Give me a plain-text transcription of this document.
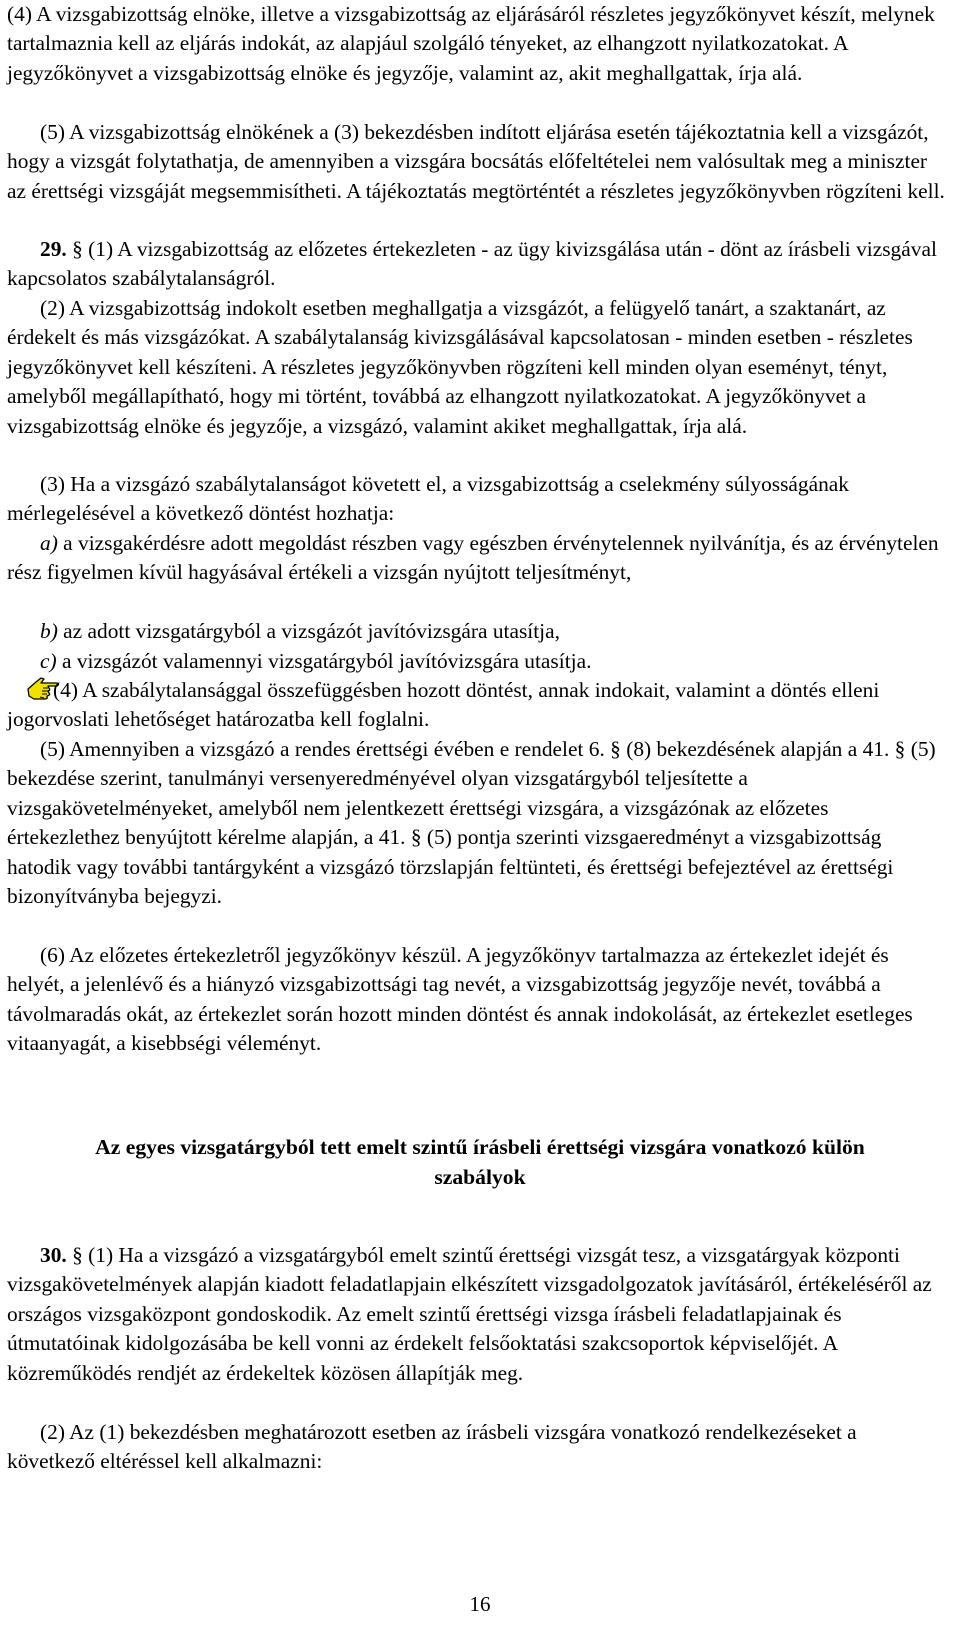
(4) A vizsgabizottság elnöke, illetve a vizsgabizottság az eljárásáról részletes jegyzőkönyvet készít, melynek tartalmaznia kell az eljárás indokát, az alapjául szolgáló tényeket, az elhangzott nyilatkozatokat. A jegyzőkönyvet a vizsgabizottság elnöke és jegyzője, valamint az, akit meghallgattak, írja alá.

(5) A vizsgabizottság elnökének a (3) bekezdésben indított eljárása esetén tájékoztatnia kell a vizsgázót, hogy a vizsgát folytathatja, de amennyiben a vizsgára bocsátás előfeltételei nem valósultak meg a miniszter az érettségi vizsgáját megsemmisítheti. A tájékoztatás megtörténtét a részletes jegyzőkönyvben rögzíteni kell.

29. § (1) A vizsgabizottság az előzetes értekezleten - az ügy kivizsgálása után - dönt az írásbeli vizsgával kapcsolatos szabálytalanságról.

(2) A vizsgabizottság indokolt esetben meghallgatja a vizsgázót, a felügyelő tanárt, a szaktanárt, az érdekelt és más vizsgázókat. A szabálytalanság kivizsgálásával kapcsolatosan - minden esetben - részletes jegyzőkönyvet kell készíteni. A részletes jegyzőkönyvben rögzíteni kell minden olyan eseményt, tényt, amelyből megállapítható, hogy mi történt, továbbá az elhangzott nyilatkozatokat. A jegyzőkönyvet a vizsgabizottság elnöke és jegyzője, a vizsgázó, valamint akiket meghallgattak, írja alá.

(3) Ha a vizsgázó szabálytalanságot követett el, a vizsgabizottság a cselekmény súlyosságának mérlegelésével a következő döntést hozhatja:

a) a vizsgakérdésre adott megoldást részben vagy egészben érvénytelennek nyilvánítja, és az érvénytelen rész figyelmen kívül hagyásával értékeli a vizsgán nyújtott teljesítményt,

b) az adott vizsgatárgyból a vizsgázót javítóvizsgára utasítja,

c) a vizsgázót valamennyi vizsgatárgyból javítóvizsgára utasítja.

(4) A szabálytalansággal összefüggésben hozott döntést, annak indokait, valamint a döntés elleni jogorvoslati lehetőséget határozatba kell foglalni.

(5) Amennyiben a vizsgázó a rendes érettségi évében e rendelet 6. § (8) bekezdésének alapján a 41. § (5) bekezdése szerint, tanulmányi versenyeredményével olyan vizsgatárgyból teljesítette a vizsgakövetelményeket, amelyből nem jelentkezett érettségi vizsgára, a vizsgázónak az előzetes értekezlethez benyújtott kérelme alapján, a 41. § (5) pontja szerinti vizsgaeredményt a vizsgabizottság hatodik vagy további tantárgyként a vizsgázó törzslapján feltünteti, és érettségi befejeztével az érettségi bizonyítványba bejegyzi.

(6) Az előzetes értekezletről jegyzőkönyv készül. A jegyzőkönyv tartalmazza az értekezlet idejét és helyét, a jelenlévő és a hiányzó vizsgabizottsági tag nevét, a vizsgabizottság jegyzője nevét, továbbá a távolmaradás okát, az értekezlet során hozott minden döntést és annak indokolását, az értekezlet esetleges vitaanyagát, a kisebbségi véleményt.

Az egyes vizsgatárgyból tett emelt szintű írásbeli érettségi vizsgára vonatkozó külön
szabályok

30. § (1) Ha a vizsgázó a vizsgatárgyból emelt szintű érettségi vizsgát tesz, a vizsgatárgyak központi vizsgakövetelmények alapján kiadott feladatlapjain elkészített vizsgadolgozatok javításáról, értékeléséről az országos vizsgaközpont gondoskodik. Az emelt szintű érettségi vizsga írásbeli feladatlapjainak és útmutatóinak kidolgozásába be kell vonni az érdekelt felsőoktatási szakcsoportok képviselőjét. A közreműködés rendjét az érdekeltek közösen állapítják meg.

(2) Az (1) bekezdésben meghatározott esetben az írásbeli vizsgára vonatkozó rendelkezéseket a következő eltéréssel kell alkalmazni:

16
